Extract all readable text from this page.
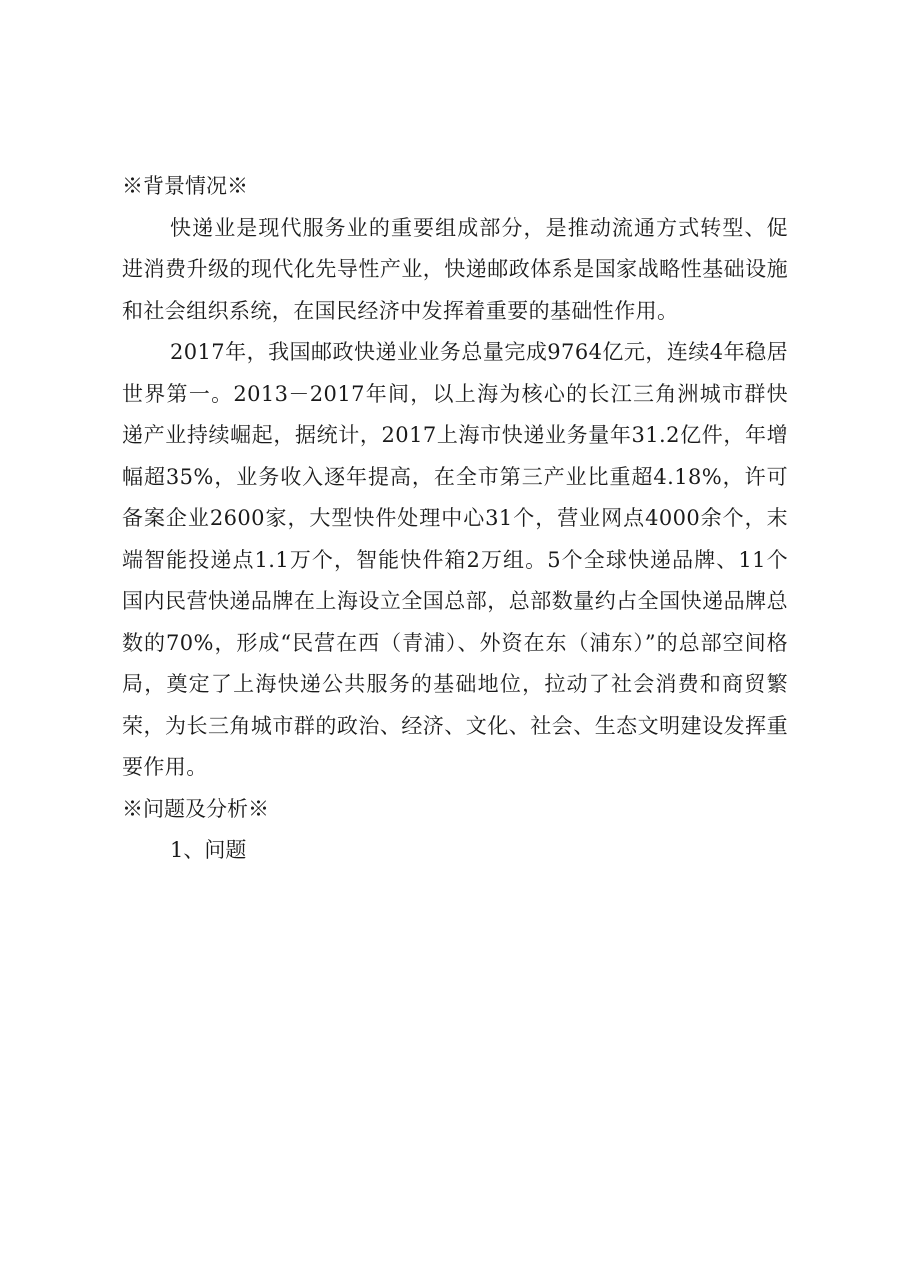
※背景情况※

快递业是现代服务业的重要组成部分，是推动流通方式转型、促进消费升级的现代化先导性产业，快递邮政体系是国家战略性基础设施和社会组织系统，在国民经济中发挥着重要的基础性作用。

2017年，我国邮政快递业业务总量完成9764亿元，连续4年稳居世界第一。2013－2017年间，以上海为核心的长江三角洲城市群快递产业持续崛起，据统计，2017上海市快递业务量年31.2亿件，年增幅超35%，业务收入逐年提高，在全市第三产业比重超4.18%，许可备案企业2600家，大型快件处理中心31个，营业网点4000余个，末端智能投递点1.1万个，智能快件箱2万组。5个全球快递品牌、11个国内民营快递品牌在上海设立全国总部，总部数量约占全国快递品牌总数的70%，形成“民营在西（青浦）、外资在东（浦东）”的总部空间格局，奠定了上海快递公共服务的基础地位，拉动了社会消费和商贸繁荣，为长三角城市群的政治、经济、文化、社会、生态文明建设发挥重要作用。

※问题及分析※
1、问题
